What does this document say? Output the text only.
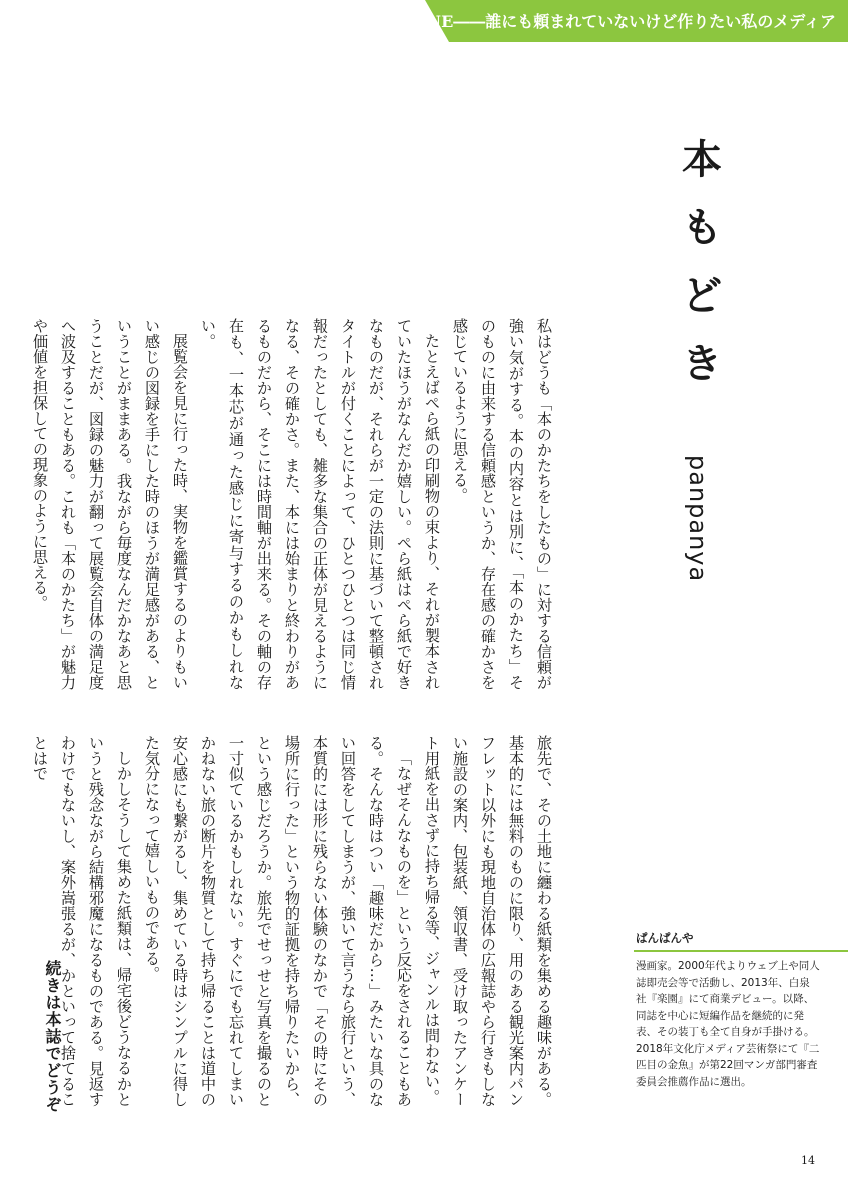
ZINE――誰にも頼まれていないけど作りたい私のメディア
本
も
ど
き
panpanya

私はどうも「本のかたちをしたもの」に対する信頼が強い気がする。本の内容とは別に、「本のかたち」そのものに由来する信頼感というか、存在感の確かさを感じているように思える。

たとえばぺら紙の印刷物の束より、それが製本されていたほうがなんだか嬉しい。ぺら紙はぺら紙で好きなものだが、それらが一定の法則に基づいて整頓されタイトルが付くことによって、ひとつひとつは同じ情報だったとしても、雑多な集合の正体が見えるようになる、その確かさ。また、本には始まりと終わりがあるものだから、そこには時間軸が出来る。その軸の存在も、一本芯が通った感じに寄与するのかもしれない。

展覧会を見に行った時、実物を鑑賞するのよりもいい感じの図録を手にした時のほうが満足感がある、ということがままある。我ながら毎度なんだかなあと思うことだが、図録の魅力が翻って展覧会自体の満足度へ波及することもある。これも「本のかたち」が魅力や価値を担保しての現象のように思える。

旅先で、その土地に纏わる紙類を集める趣味がある。基本的には無料のものに限り、用のある観光案内パンフレット以外にも現地自治体の広報誌やら行きもしない施設の案内、包装紙、領収書、受け取ったアンケート用紙を出さずに持ち帰る等、ジャンルは問わない。

「なぜそんなものを」という反応をされることもある。そんな時はつい「趣味だから…」みたいな具のない回答をしてしまうが、強いて言うなら旅行という、本質的には形に残らない体験のなかで「その時にその場所に行った」という物的証拠を持ち帰りたいから、という感じだろうか。旅先でせっせと写真を撮るのと一寸似ているかもしれない。すぐにでも忘れてしまいかねない旅の断片を物質として持ち帰ることは道中の安心感にも繋がるし、集めている時はシンプルに得した気分になって嬉しいものである。

しかしそうして集めた紙類は、帰宅後どうなるかというと残念ながら結構邪魔になるものである。見返すわけでもないし、案外嵩張るが、かといって捨てることはで

続きは本誌でどうぞ
ぱんぱんや
漫画家。2000年代よりウェブ上や同人誌即売会等で活動し、2013年、白泉社『楽園』にて商業デビュー。以降、同誌を中心に短編作品を継続的に発表、その装丁も全て自身が手掛ける。2018年文化庁メディア芸術祭にて『二匹目の金魚』が第22回マンガ部門審査委員会推薦作品に選出。
14
